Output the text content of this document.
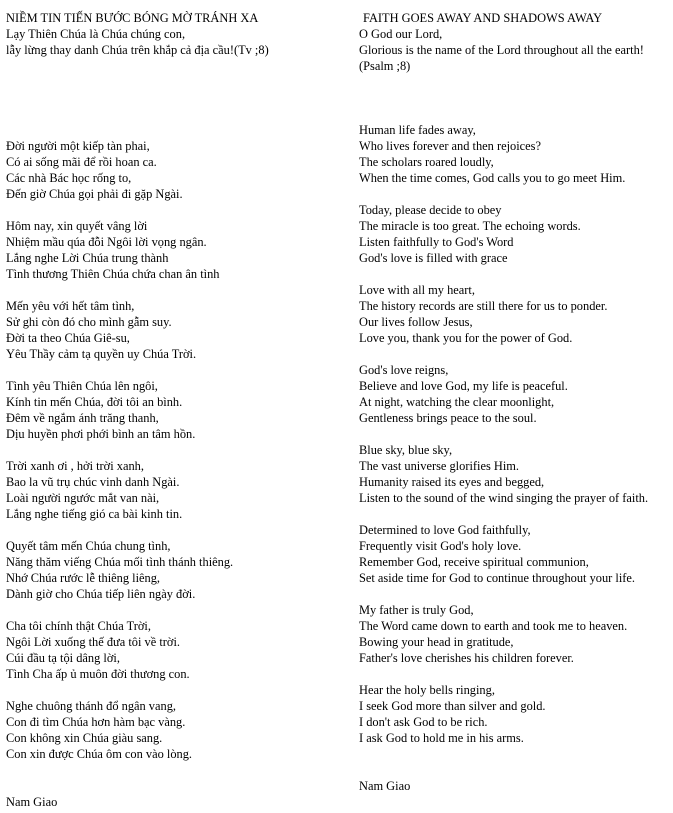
NIỀM TIN TIẾN BƯỚC BÓNG MỜ TRÁNH XA

Lạy Thiên Chúa là Chúa chúng con,

lẫy lừng thay danh Chúa trên khắp cả địa cầu!(Tv ;8)

Đời người một kiếp tàn phai,

Có ai sống mãi để rồi hoan ca.

Các nhà Bác học rống to,

Đến giờ Chúa gọi phải đi gặp Ngài.

Hôm nay, xin quyết vâng lời

Nhiệm mầu qúa đỗi Ngôi lời vọng ngân.

Lắng nghe Lời Chúa trung thành

Tình thương Thiên Chúa chứa chan ân tình

Mến yêu với hết tâm tình,

Sử ghi còn đó cho mình gẫm suy.

Đời ta theo Chúa Giê-su,

Yêu Thầy cảm tạ quyền uy Chúa Trời.

Tình yêu Thiên Chúa lên ngôi,

Kính tin mến Chúa, đời tôi an bình.

Đêm về ngắm ánh trăng thanh,

Dịu huyền phơi phới bình an tâm hồn.

Trời xanh ơi , hởi trời xanh,

Bao la vũ trụ chúc vinh danh Ngài.

Loài người ngước mắt van nài,

Lắng nghe tiếng gió ca bài kinh tin.

Quyết tâm mến Chúa chung tình,

Năng thăm viếng Chúa mối tình thánh thiêng.

Nhớ Chúa rước lễ thiêng liêng,

Dành giờ cho Chúa tiếp liên ngày đời.

Cha tôi chính thật Chúa Trời,

Ngôi Lời xuống thế đưa tôi về trời.

Cúi đầu tạ tội dâng lời,

Tình Cha ấp ủ muôn đời thương con.

Nghe chuông thánh đổ ngân vang,

Con đi tìm Chúa hơn hàm bạc vàng.

Con không xin Chúa giàu sang.

Con xin được Chúa ôm con vào lòng.

Nam Giao

FAITH GOES AWAY AND SHADOWS AWAY

O God our Lord,

Glorious is the name of the Lord throughout all the earth! (Psalm ;8)

Human life fades away,

Who lives forever and then rejoices?

The scholars roared loudly,

When the time comes, God calls you to go meet Him.

Today, please decide to obey

The miracle is too great. The echoing words.

Listen faithfully to God's Word

God's love is filled with grace

Love with all my heart,

The history records are still there for us to ponder.

Our lives follow Jesus,

Love you, thank you for the power of God.

God's love reigns,

Believe and love God, my life is peaceful.

At night, watching the clear moonlight,

Gentleness brings peace to the soul.

Blue sky, blue sky,

The vast universe glorifies Him.

Humanity raised its eyes and begged,

Listen to the sound of the wind singing the prayer of faith.

Determined to love God faithfully,

Frequently visit God's holy love.

Remember God, receive spiritual communion,

Set aside time for God to continue throughout your life.

My father is truly God,

The Word came down to earth and took me to heaven.

Bowing your head in gratitude,

Father's love cherishes his children forever.

Hear the holy bells ringing,

I seek God more than silver and gold.

I don't ask God to be rich.

I ask God to hold me in his arms.

Nam Giao
